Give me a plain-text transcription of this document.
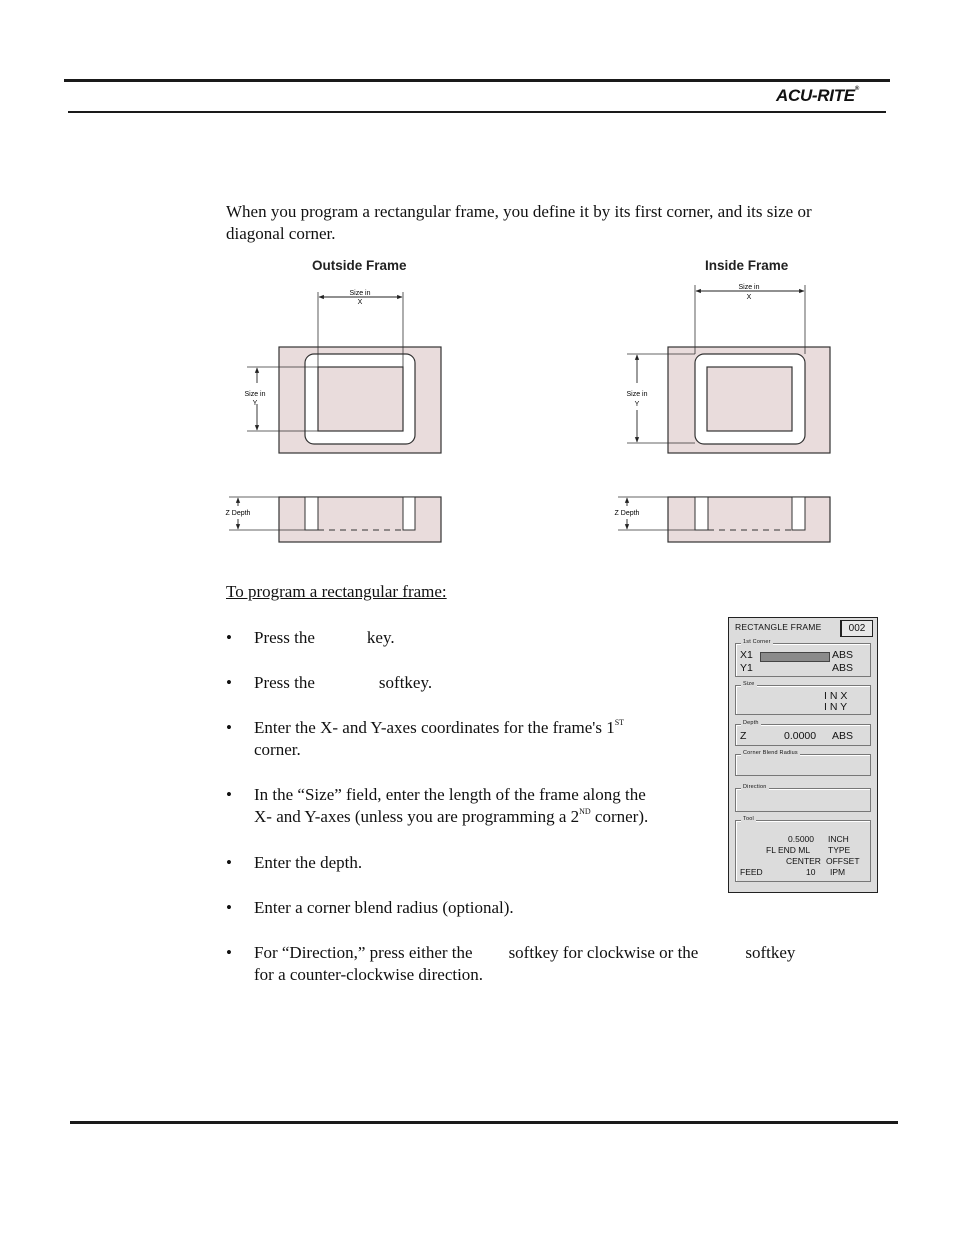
ACU-RITE®

When you program a rectangular frame, you define it by its first corner, and its size or diagonal corner.

Outside Frame	Inside Frame
Size in
X
Size in
Y
Z Depth
Size in
X
Size in
Y
Z Depth
To program a rectangular frame:
• Press the	key.
• Press the	softkey.
• Enter the X- and Y-axes coordinates for the frame's 1ST
corner.
• In the “Size” field, enter the length of the frame along the
X- and Y-axes (unless you are programming a 2ND corner).
• Enter the depth.
• Enter a corner blend radius (optional).
• For “Direction,” press either the softkey for clockwise or the	softkey
for a counter-clockwise direction.
RECTANGLE FRAME	002
1st Corner
X1	ABS
Y1	ABS
Size
I N X
I N Y
Depth
Z	0.0000 ABS
Corner Blend Radius
Direction
Tool
0.5000 INCH
FL END ML TYPE
CENTER OFFSET
FEED	10 IPM
